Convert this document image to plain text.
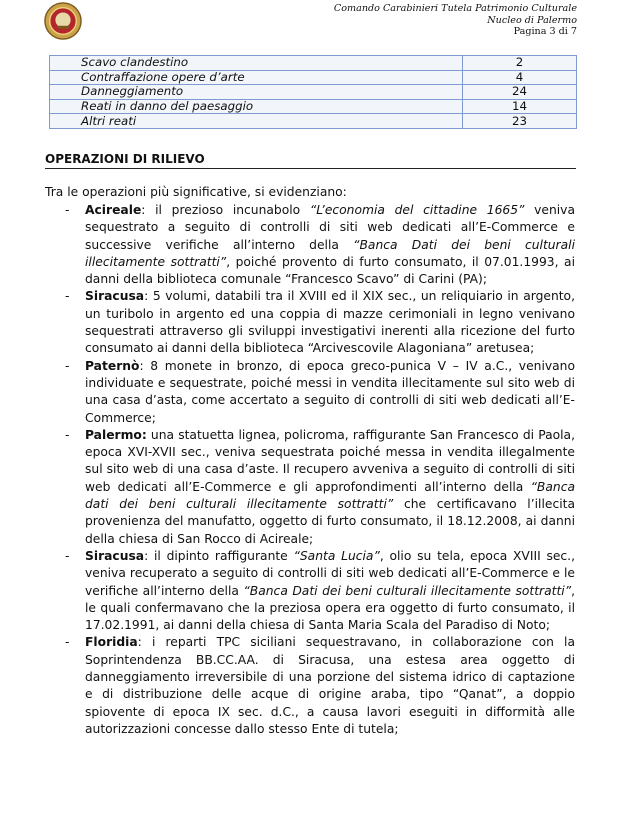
Comando Carabinieri Tutela Patrimonio Culturale
Nucleo di Palermo
Pagina 3 di 7
Scavo clandestino	2
Contraffazione opere d’arte	4
Danneggiamento	24
Reati in danno del paesaggio	14
Altri reati	23
OPERAZIONI DI RILIEVO
Tra le operazioni più significative, si evidenziano:
- Acireale: il prezioso incunabolo “L’economia del cittadine 1665” veniva sequestrato a seguito di controlli di siti web dedicati all’E-Commerce e successive verifiche all’interno della “Banca Dati dei beni culturali illecitamente sottratti”, poiché provento di furto consumato, il 07.01.1993, ai danni della biblioteca comunale “Francesco Scavo” di Carini (PA);
- Siracusa: 5 volumi, databili tra il XVIII ed il XIX sec., un reliquiario in argento, un turibolo in argento ed una coppia di mazze cerimoniali in legno venivano sequestrati attraverso gli sviluppi investigativi inerenti alla ricezione del furto consumato ai danni della biblioteca “Arcivescovile Alagoniana” aretusea;
- Paternò: 8 monete in bronzo, di epoca greco-punica V – IV a.C., venivano individuate e sequestrate, poiché messi in vendita illecitamente sul sito web di una casa d’asta, come accertato a seguito di controlli di siti web dedicati all’E-Commerce;
- Palermo: una statuetta lignea, policroma, raffigurante San Francesco di Paola, epoca XVI-XVII sec., veniva sequestrata poiché messa in vendita illegalmente sul sito web di una casa d’aste. Il recupero avveniva a seguito di controlli di siti web dedicati all’E-Commerce e gli approfondimenti all’interno della “Banca dati dei beni culturali illecitamente sottratti” che certificavano l’illecita provenienza del manufatto, oggetto di furto consumato, il 18.12.2008, ai danni della chiesa di San Rocco di Acireale;
- Siracusa: il dipinto raffigurante “Santa Lucia”, olio su tela, epoca XVIII sec., veniva recuperato a seguito di controlli di siti web dedicati all’E-Commerce e le verifiche all’interno della “Banca Dati dei beni culturali illecitamente sottratti”, le quali confermavano che la preziosa opera era oggetto di furto consumato, il 17.02.1991, ai danni della chiesa di Santa Maria Scala del Paradiso di Noto;
- Floridia: i reparti TPC siciliani sequestravano, in collaborazione con la Soprintendenza BB.CC.AA. di Siracusa, una estesa area oggetto di danneggiamento irreversibile di una porzione del sistema idrico di captazione e di distribuzione delle acque di origine araba, tipo “Qanat”, a doppio spiovente di epoca IX sec. d.C., a causa lavori eseguiti in difformità alle autorizzazioni concesse dallo stesso Ente di tutela;
